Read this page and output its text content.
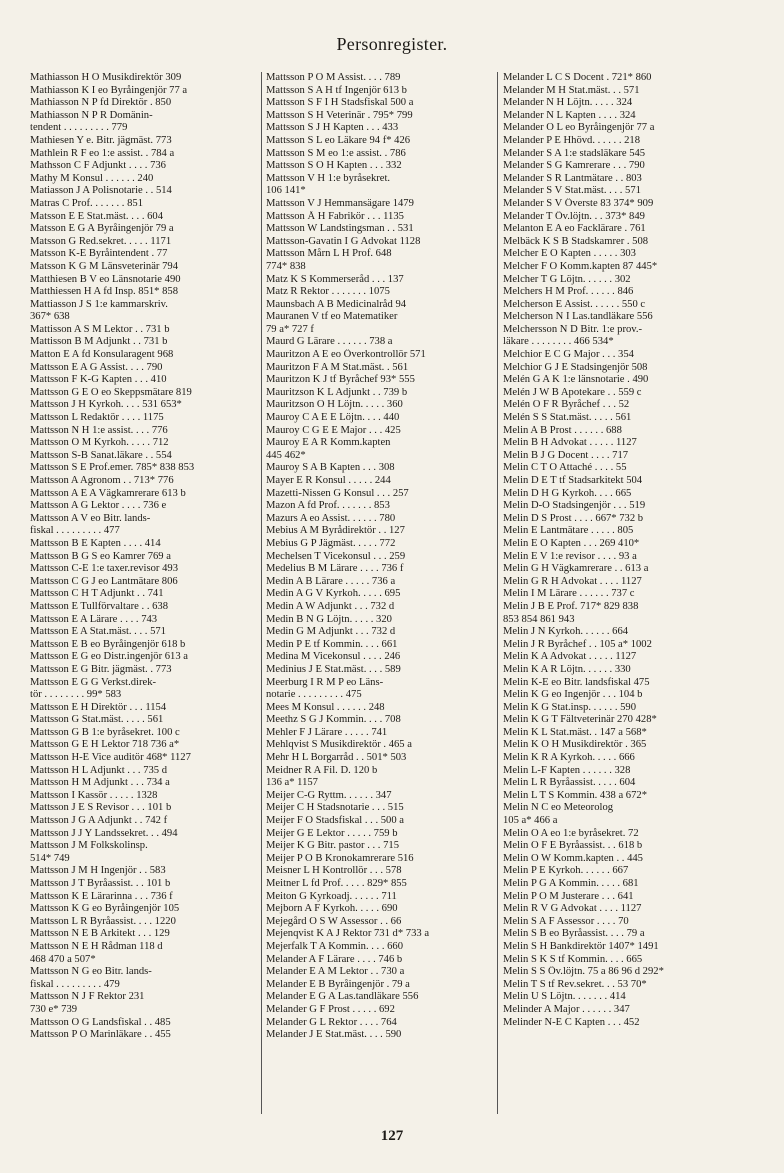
Personregister.
Mathiasson H O Musikdirektör 309
Mathiasson K I eo Byråingenjör 77 a
Mathiasson N P fd Direktör . 850
Mathiasson N P R Domänin-
tendent . . . . . . . . . 779
Mathiesen Y e. Bitr. jägmäst. 773
Mathlein R F eo 1:e assist. . 784 a
Mathsson C F Adjunkt . . . . 736
Mathy M Konsul . . . . . . 240
Matiasson J A Polisnotarie . . 514
Matras C Prof. . . . . . . 851
Matsson E E Stat.mäst. . . . 604
Matsson E G A Byråingenjör 79 a
Matsson G Red.sekret. . . . . 1171
Matsson K-E Byråintendent . 77
Matsson K G M Länsveterinär 794
Matthiesen B V eo Länsnotarie 490
Matthiessen H A fd Insp. 851* 858
Mattiasson J S 1:e kammarskriv.
367* 638
Mattisson A S M Lektor . . 731 b
Mattisson B M Adjunkt . . 731 b
Matton E A fd Konsularagent 968
Mattsson E A G Assist. . . . 790
Mattsson F K-G Kapten . . . 410
Mattsson G E O eo Skeppsmätare 819
Mattsson J H Kyrkoh. . . . 531 653*
Mattsson L Redaktör . . . . 1175
Mattsson N H 1:e assist. . . . 776
Mattsson O M Kyrkoh. . . . . 712
Mattsson S-B Sanat.läkare . . 554
Mattsson S E Prof.emer. 785* 838 853
Mattsson A Agronom . . 713* 776
Mattsson A E A Vägkamrerare 613 b
Mattsson A G Lektor . . . . 736 e
Mattsson A V eo Bitr. lands-
fiskal . . . . . . . . . 477
Mattsson B E Kapten . . . . 414
Mattsson B G S eo Kamrer 769 a
Mattsson C-E 1:e taxer.revisor 493
Mattsson C G J eo Lantmätare 806
Mattsson C H T Adjunkt . . 741
Mattsson E Tullförvaltare . . 638
Mattsson E A Lärare . . . . 743
Mattsson E A Stat.mäst. . . . 571
Mattsson E B eo Byråingenjör 618 b
Mattsson E G eo Distr.ingenjör 613 a
Mattsson E G Bitr. jägmäst. . 773
Mattsson E G G Verkst.direk-
tör . . . . . . . . 99* 583
Mattsson E H Direktör . . . 1154
Mattsson G Stat.mäst. . . . . 561
Mattsson G B 1:e byråsekret. 100 c
Mattsson G E H Lektor 718 736 a*
Mattsson H-E Vice auditör 468* 1127
Mattsson H L Adjunkt . . . 735 d
Mattsson H M Adjunkt . . . 734 a
Mattsson I Kassör . . . . . 1328
Mattsson J E S Revisor . . . 101 b
Mattsson J G A Adjunkt . . 742 f
Mattsson J J Y Landssekret. . . 494
Mattsson J M Folkskolinsp.
514* 749
Mattsson J M H Ingenjör . . 583
Mattsson J T Byråassist. . . 101 b
Mattsson K E Lärarinna . . . 736 f
Mattsson K G eo Byråingenjör 105
Mattsson L R Byråassist. . . . 1220
Mattsson N E B Arkitekt . . . 129
Mattsson N E H Rådman 118 d
468 470 a 507*
Mattsson N G eo Bitr. lands-
fiskal . . . . . . . . . 479
Mattsson N J F Rektor 231
730 e* 739
Mattsson O G Landsfiskal . . 485
Mattsson P O Marinläkare . . 455
Mattsson P O M Assist. . . . 789
Mattsson S A H tf Ingenjör 613 b
Mattsson S F I H Stadsfiskal 500 a
Mattsson S H Veterinär . 795* 799
Mattsson S J H Kapten . . . 433
Mattsson S L eo Läkare 94 f* 426
Mattsson S M eo 1:e assist. . 786
Mattsson S O H Kapten . . . 332
Mattsson V H 1:e byråsekret.
106 141*
Mattsson V J Hemmansägare 1479
Mattsson Å H Fabrikör . . . 1135
Mattsson W Landstingsman . . 531
Mattsson-Gavatin I G Advokat 1128
Mattsson Mårn L H Prof. 648
774* 838
Matz K S Kommerseråd . . . 137
Matz R Rektor . . . . . . . 1075
Maunsbach A B Medicinalråd 94
Mauranen V tf eo Matematiker
79 a* 727 f
Maurd G Lärare . . . . . . 738 a
Mauritzon A E eo Överkontrollör 571
Mauritzon F A M Stat.mäst. . 561
Mauritzon K J tf Byråchef 93* 555
Mauritzson K L Adjunkt . . 739 b
Mauritzson O H Löjtn. . . . . 360
Mauroy C A E E Löjtn. . . . 440
Mauroy C G E E Major . . . 425
Mauroy E A R Komm.kapten
445 462*
Mauroy S A B Kapten . . . 308
Mayer E R Konsul . . . . . 244
Mazetti-Nissen G Konsul . . . 257
Mazon A fd Prof. . . . . . . 853
Mazurs A eo Assist. . . . . . 780
Mebius A M Byrådirektör . . 127
Mebius G P Jägmäst. . . . . 772
Mechelsen T Vicekonsul . . . 259
Medelius B M Lärare . . . . 736 f
Medin A B Lärare . . . . . 736 a
Medin A G V Kyrkoh. . . . . 695
Medin A W Adjunkt . . . 732 d
Medin B N G Löjtn. . . . . 320
Medin G M Adjunkt . . . 732 d
Medin P E tf Kommin. . . . 661
Medina M Vicekonsul . . . . 246
Medinius J E Stat.mäst. . . . 589
Meerburg I R M P eo Läns-
notarie . . . . . . . . . 475
Mees M Konsul . . . . . . 248
Meethz S G J Kommin. . . . 708
Mehler F J Lärare . . . . . 741
Mehlqvist S Musikdirektör . 465 a
Mehr H L Borgarråd . . 501* 503
Meidner R A Fil. D. 120 b
136 a* 1157
Meijer C-G Ryttm. . . . . . 347
Meijer C H Stadsnotarie . . . 515
Meijer F O Stadsfiskal . . . 500 a
Meijer G E Lektor . . . . . 759 b
Meijer K G Bitr. pastor . . . 715
Meijer P O B Kronokamrerare 516
Meisner L H Kontrollör . . . 578
Meitner L fd Prof. . . . . 829* 855
Meiton G Kyrkoadj. . . . . . 711
Mejborn A F Kyrkoh. . . . . 690
Mejegård O S W Assessor . . 66
Mejenqvist K A J Rektor 731 d* 733 a
Mejerfalk T A Kommin. . . . 660
Melander A F Lärare . . . . 746 b
Melander E A M Lektor . . 730 a
Melander E B Byråingenjör . 79 a
Melander E G A Las.tandläkare 556
Melander G F Prost . . . . . 692
Melander G L Rektor . . . . 764
Melander J E Stat.mäst. . . . 590
Melander L C S Docent . 721* 860
Melander M H Stat.mäst. . . 571
Melander N H Löjtn. . . . . 324
Melander N L Kapten . . . . 324
Melander O L eo Byråingenjör 77 a
Melander P E Hhövd. . . . . . 218
Melander S A 1:e stadsläkare 545
Melander S G Kamrerare . . . 790
Melander S R Lantmätare . . 803
Melander S V Stat.mäst. . . . 571
Melander S V Överste 83 374* 909
Melander T Öv.löjtn. . . 373* 849
Melanton E A eo Facklärare . 761
Melbäck K S B Stadskamrer . 508
Melcher E O Kapten . . . . . 303
Melcher F O Komm.kapten 87 445*
Melcher T G Löjtn. . . . . . 302
Melchers H M Prof. . . . . . 846
Melcherson E Assist. . . . . . 550 c
Melcherson N I Las.tandläkare 556
Melchersson N D Bitr. 1:e prov.-
läkare . . . . . . . . 466 534*
Melchior E C G Major . . . 354
Melchior G J E Stadsingenjör 508
Melén G A K 1:e länsnotarie . 490
Melén J W B Apotekare . . 559 c
Melén O F R Byråchef . . . 52
Melén S S Stat.mäst. . . . . 561
Melin A B Prost . . . . . . 688
Melin B H Advokat . . . . . 1127
Melin B J G Docent . . . . 717
Melin C T O Attaché . . . . 55
Melin D E T tf Stadsarkitekt 504
Melin D H G Kyrkoh. . . . 665
Melin D-O Stadsingenjör . . . 519
Melin D S Prost . . . . 667* 732 b
Melin E Lantmätare . . . . . 805
Melin E O Kapten . . . 269 410*
Melin E V 1:e revisor . . . . 93 a
Melin G H Vägkamrerare . . 613 a
Melin G R H Advokat . . . . 1127
Melin I M Lärare . . . . . . 737 c
Melin J B E Prof. 717* 829 838
853 854 861 943
Melin J N Kyrkoh. . . . . . 664
Melin J R Byråchef . . 105 a* 1002
Melin K A Advokat . . . . . 1127
Melin K A R Löjtn. . . . . . 330
Melin K-E eo Bitr. landsfiskal 475
Melin K G eo Ingenjör . . . 104 b
Melin K G Stat.insp. . . . . . 590
Melin K G T Fältveterinär 270 428*
Melin K L Stat.mäst. . 147 a 568*
Melin K O H Musikdirektör . 365
Melin K R A Kyrkoh. . . . . 666
Melin L-F Kapten . . . . . . 328
Melin L R Byråassist. . . . . 604
Melin L T S Kommin. 438 a 672*
Melin N C eo Meteorolog
105 a* 466 a
Melin O A eo 1:e byråsekret. 72
Melin O F E Byråassist. . . 618 b
Melin O W Komm.kapten . . 445
Melin P E Kyrkoh. . . . . . 667
Melin P G A Kommin. . . . . 681
Melin P O M Justerare . . . 641
Melin R V G Advokat . . . . 1127
Melin S A F Assessor . . . . 70
Melin S B eo Byråassist. . . . 79 a
Melin S H Bankdirektör 1407* 1491
Melin S K S tf Kommin. . . . 665
Melin S S Öv.löjtn. 75 a 86 96 d 292*
Melin T S tf Rev.sekret. . . 53 70*
Melin U S Löjtn. . . . . . . 414
Melinder A Major . . . . . . 347
Melinder N-E C Kapten . . . 452
127
